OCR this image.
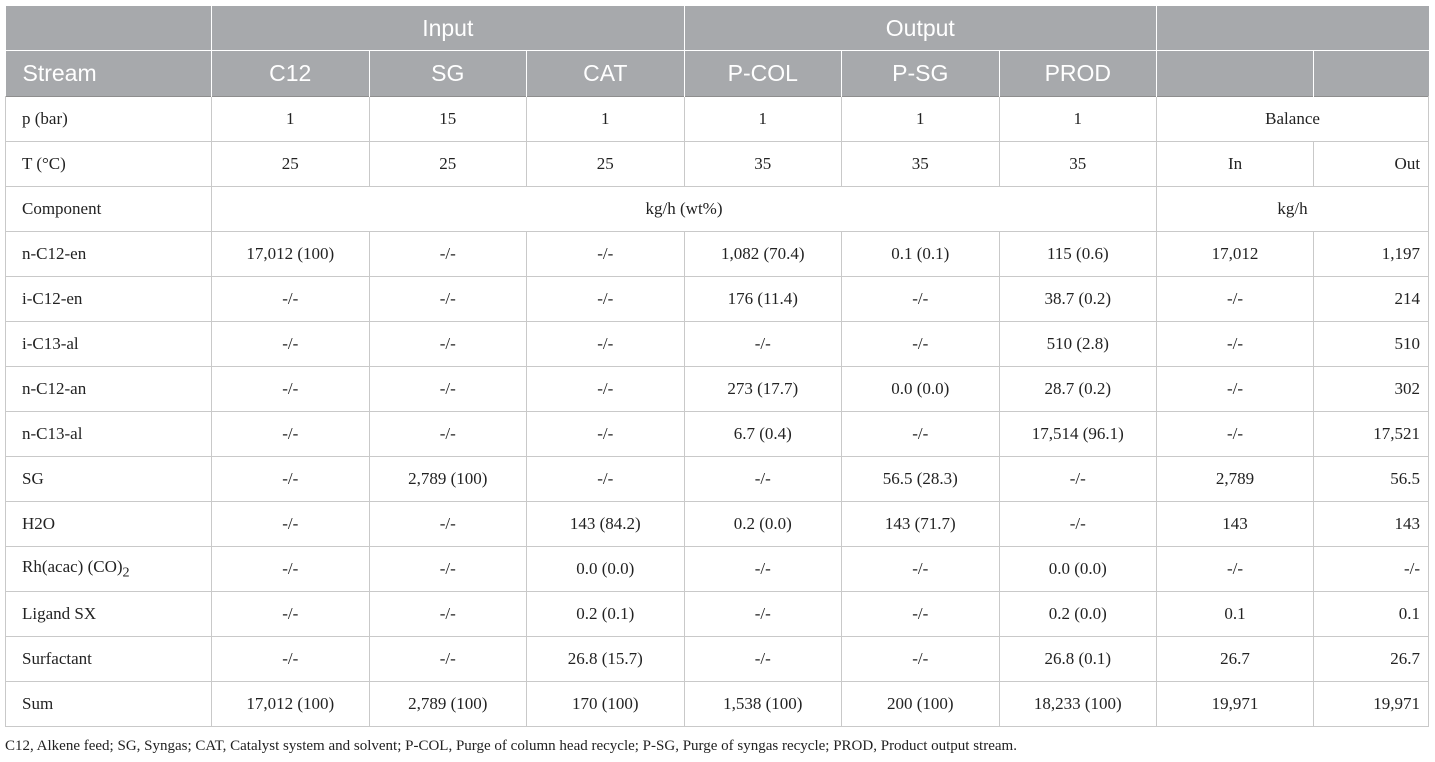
	Input			Output				
Stream	C12	SG	CAT	P-COL	P-SG	PROD		
p (bar)	1	15	1	1	1	1	Balance	
T (°C)	25	25	25	35	35	35	In	Out
Component	kg/h (wt%)						kg/h	
n-C12-en	17,012 (100)	-/-	-/-	1,082 (70.4)	0.1 (0.1)	115 (0.6)	17,012	1,197
i-C12-en	-/-	-/-	-/-	176 (11.4)	-/-	38.7 (0.2)	-/-	214
i-C13-al	-/-	-/-	-/-	-/-	-/-	510 (2.8)	-/-	510
n-C12-an	-/-	-/-	-/-	273 (17.7)	0.0 (0.0)	28.7 (0.2)	-/-	302
n-C13-al	-/-	-/-	-/-	6.7 (0.4)	-/-	17,514 (96.1)	-/-	17,521
SG	-/-	2,789 (100)	-/-	-/-	56.5 (28.3)	-/-	2,789	56.5
H2O	-/-	-/-	143 (84.2)	0.2 (0.0)	143 (71.7)	-/-	143	143
Rh(acac) $(CO)_2$	-/-	-/-	0.0 (0.0)	-/-	-/-	0.0 (0.0)	-/-	-/-
Ligand SX	-/-	-/-	0.2 (0.1)	-/-	-/-	0.2 (0.0)	0.1	0.1
Surfactant	-/-	-/-	26.8 (15.7)	-/-	-/-	26.8 (0.1)	26.7	26.7
Sum	17,012 (100)	2,789 (100)	170 (100)	1,538 (100)	200 (100)	18,233 (100)	19,971	19,971
C12, Alkene feed; SG, Syngas; CAT, Catalyst system and solvent; P-COL, Purge of column head recycle; P-SG, Purge of syngas recycle; PROD, Product output stream.
